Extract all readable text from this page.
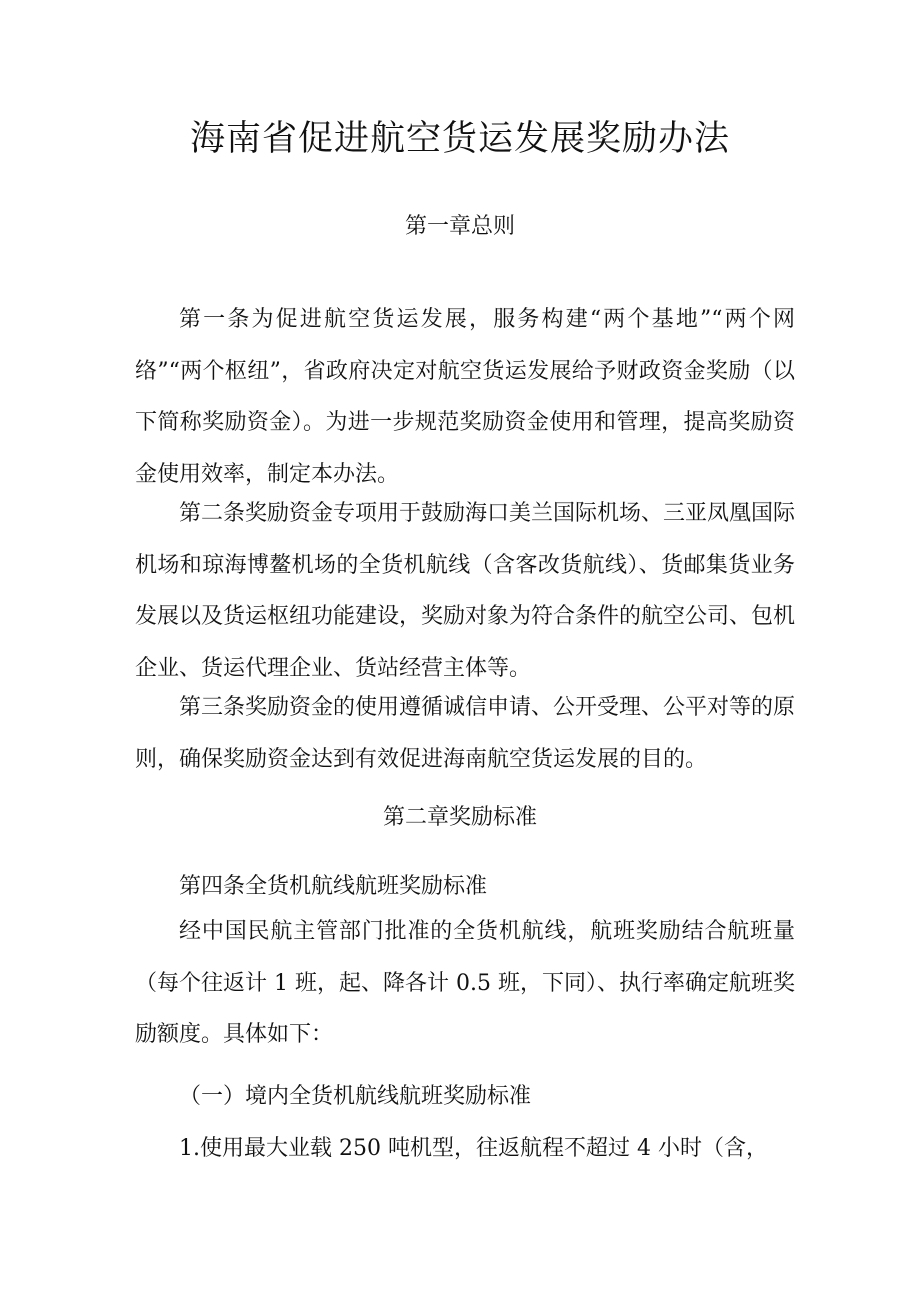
海南省促进航空货运发展奖励办法
第一章总则

第一条为促进航空货运发展，服务构建“两个基地”“两个网络”“两个枢纽”，省政府决定对航空货运发展给予财政资金奖励（以下简称奖励资金）。为进一步规范奖励资金使用和管理，提高奖励资金使用效率，制定本办法。

第二条奖励资金专项用于鼓励海口美兰国际机场、三亚凤凰国际机场和琼海博鳌机场的全货机航线（含客改货航线）、货邮集货业务发展以及货运枢纽功能建设，奖励对象为符合条件的航空公司、包机企业、货运代理企业、货站经营主体等。

第三条奖励资金的使用遵循诚信申请、公开受理、公平对等的原则，确保奖励资金达到有效促进海南航空货运发展的目的。

第二章奖励标准

第四条全货机航线航班奖励标准

经中国民航主管部门批准的全货机航线，航班奖励结合航班量（每个往返计 1 班，起、降各计 0.5 班，下同）、执行率确定航班奖励额度。具体如下：

（一）境内全货机航线航班奖励标准

1.使用最大业载 250 吨机型，往返航程不超过 4 小时（含，
